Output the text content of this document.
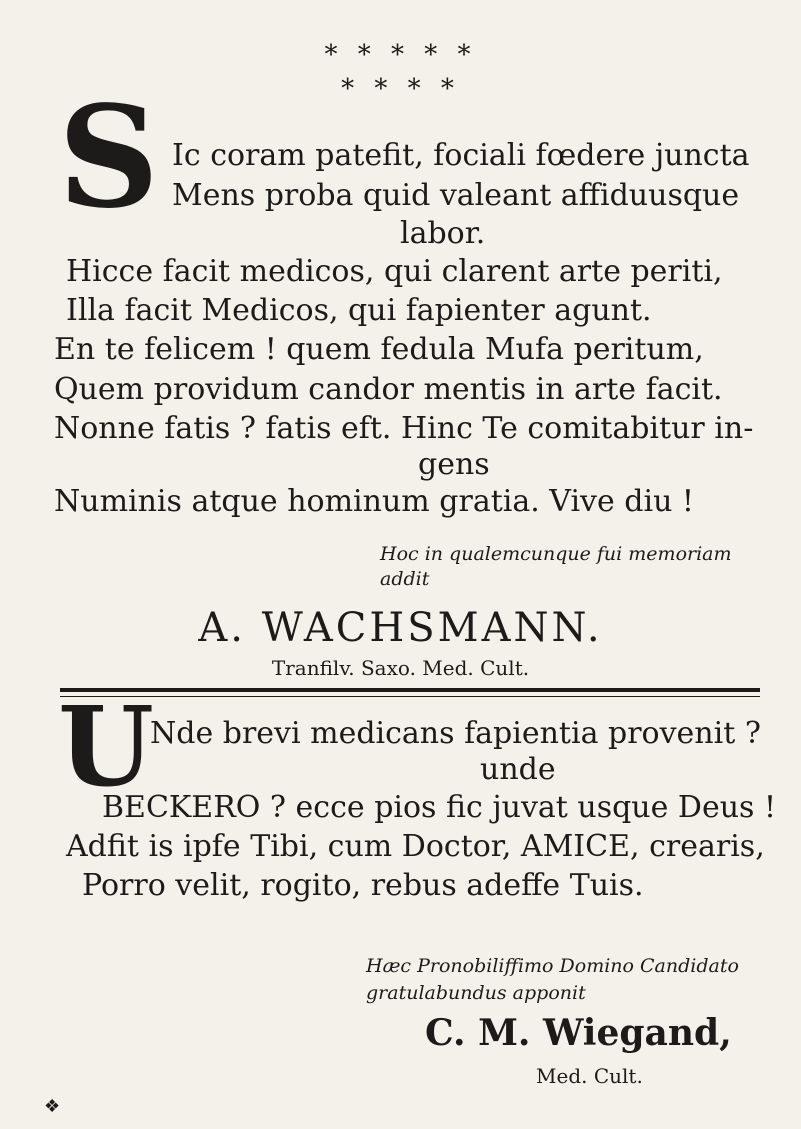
* * * * *
* * * *
S Ic coram patefit, fociali fœdere juncta
Mens proba quid valeant affiduusque
labor.
Hicce facit medicos, qui clarent arte periti,
Illa facit Medicos, qui fapienter agunt.
En te felicem ! quem fedula Mufa peritum,
Quem providum candor mentis in arte facit.
Nonne fatis ? fatis eft. Hinc Te comitabitur in-
gens
Numinis atque hominum gratia. Vive diu !
Hoc in qualemcunque fui memoriam
addit
A. WACHSMANN.
Tranfilv. Saxo. Med. Cult.
U
Nde brevi medicans fapientia provenit ?
unde
BECKERO ? ecce pios fic juvat usque Deus !
Adfit is ipfe Tibi, cum Doctor, AMICE, crearis,
Porro velit, rogito, rebus adeffe Tuis.
Hæc Pronobiliffimo Domino Candidato
gratulabundus apponit
C. M. Wiegand,
Med. Cult.
❖
